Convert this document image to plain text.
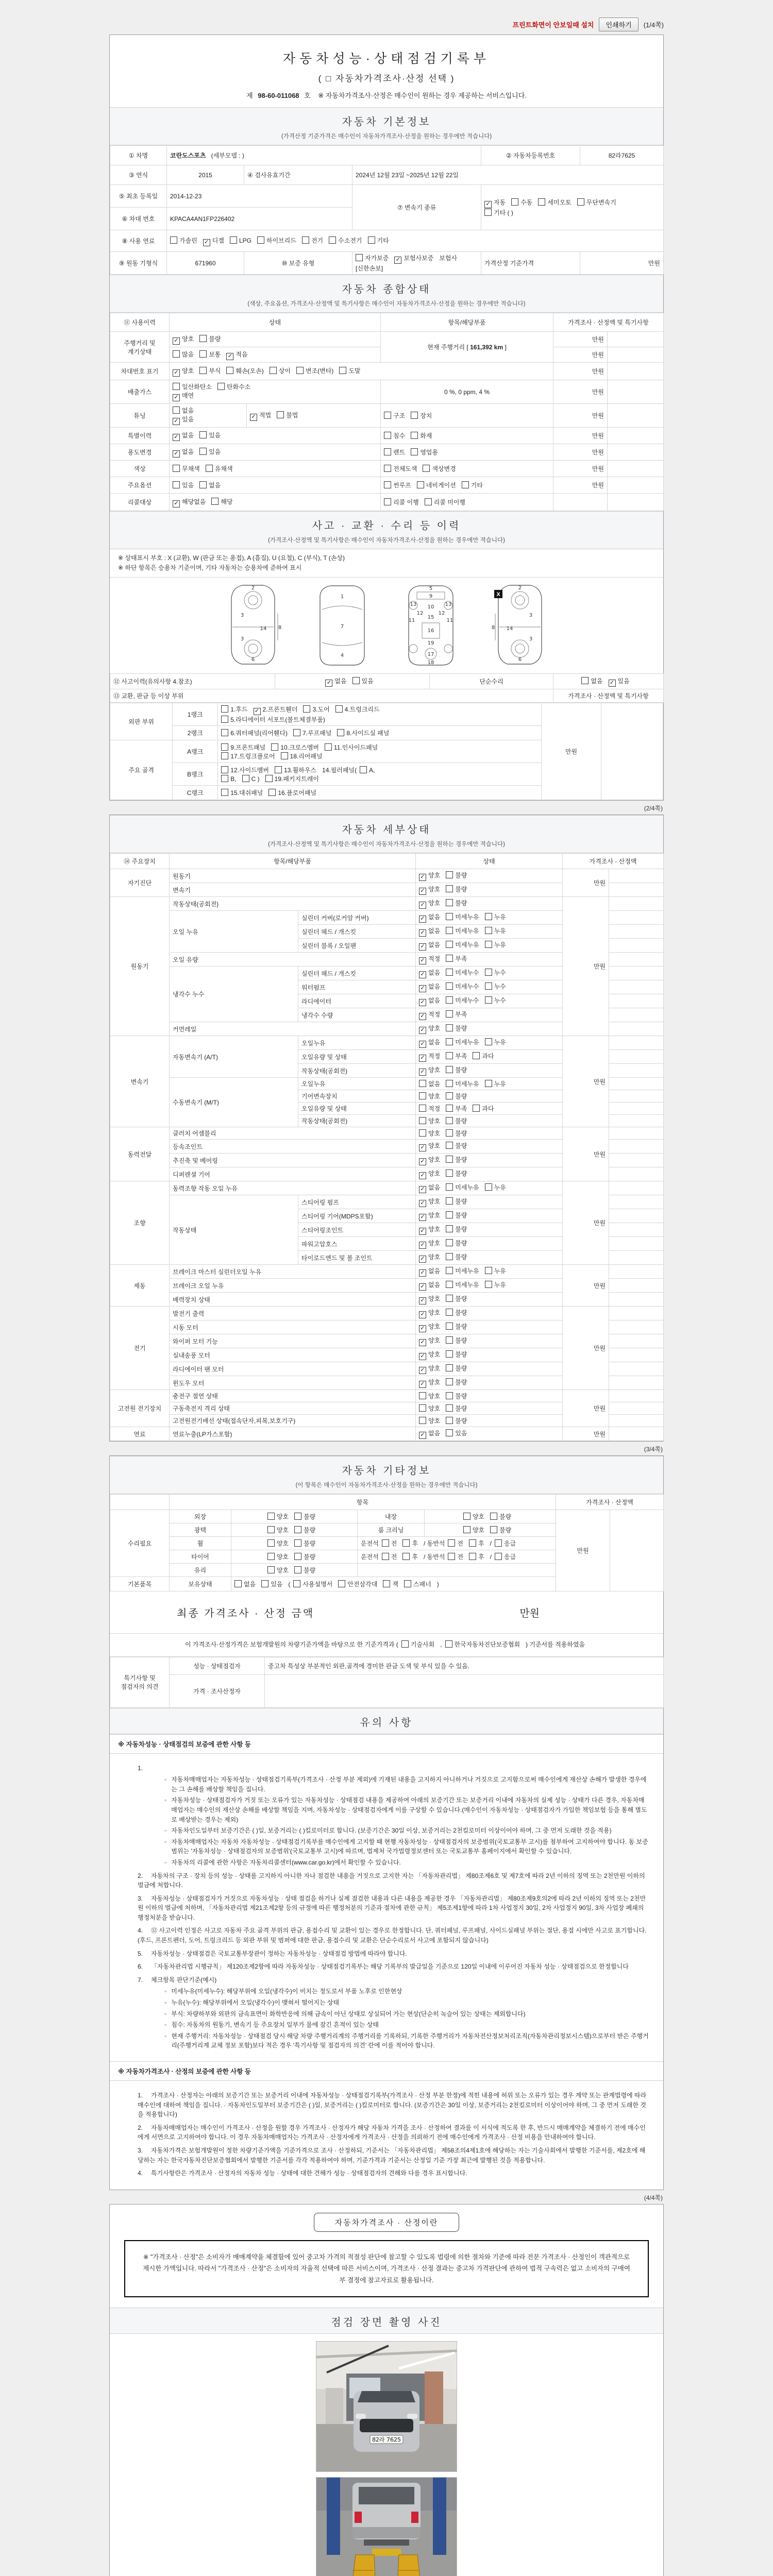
프린트화면이 안보일때 설치	인쇄하기	(1/4쪽)
자동차성능·상태점검기록부
( □ 자동차가격조사·산정 선택 )
제 98-60-011068 호 ※ 자동차가격조사·산정은 매수인이 원하는 경우 제공하는 서비스입니다.
자동차 기본정보
(가격산정 기준가격은 매수인이 자동차가격조사·산정을 원하는 경우에만 적습니다)
① 차명	코란도스포츠 (세부모델 : )			② 자동차등록번호	82라7625
③ 연식	2015	④ 검사유효기간	2024년 12월 23일 ~2025년 12월 22일		
⑤ 최초 등록일	2014-12-23		⑦ 변속기 종류	✓자동 수동 세미오토 무단변속기
기타 ( )
⑥ 차대 번호	KPACA4AN1FP226402				
⑧ 사용 연료	가솔린 ✓ 디젤 LPG 하이브리드 전기 수소전기 기타
⑨ 원동 기형식	671960	⑩ 보증 유형	자가보증 ✓ 보험사보증 보험사[신한손보]	가격산정 기준가격	만원
자동차 종합상태
(색상, 주요옵션, 가격조사·산정액 및 특기사항은 매수인이 자동차가격조사·산정을 원하는 경우에만 적습니다)
⑪ 사용이력	상태		항목/해당부품	가격조사 · 산정액 및 특기사항	
주행거리 및 계기상태	✓양호 불량		현재 주행거리 [ 161,392 km ]	만원	
	많음 보통 ✓ 적음			만원	
차대번호 표기	✓양호 부식 훼손(오손) 상이 변조(변타) 도말			만원	
배출가스	일산화탄소 탄화수소
✓매연		0 %, 0 ppm, 4 %	만원	
튜닝	없음
✓있음	✓적법 불법	구조 장치	만원	
특별이력	✓없음 있음		침수 화재	만원	
용도변경	✓없음 있음		렌트 영업용	만원	
색상	무채색 유채색		전체도색 색상변경	만원	
주요옵션	있음 없음		썬루프 네비게이션 기타	만원	
리콜대상	✓해당없음 해당		리콜 이행 리콜 미이행		
사고 · 교환 · 수리 등 이력
(가격조사·산정액 및 특기사항은 매수인이 자동차가격조사·산정을 원하는 경우에만 적습니다)
※ 상태표시 부호 : X (교환), W (판금 또는 용접), A (흠집), U (요철), C (부식), T (손상)
※ 하단 항목은 승용차 기준이며, 기타 자동차는 승용차에 준하여 표시
2
3
14
3
6
8
1
7
4
5
9
10
11	11
12	12
13	13
15
16
19
17
18
2
3
14
3
6
8
X
⑫ 사고이력(유의사항 4.참조)	✓없음 있음	단순수리	없음 ✓ 있음
⑬ 교환, 판금 등 이상 부위			가격조사 · 산정액 및 특기사항
외판 부위	1랭크	1.후드 ✓ 2.프론트휀더 3.도어 4.트렁크리드
5.라디에이터 서포트(볼트체결부품)	만원	
	2랭크	6.쿼터패널(리어휀다) 7.루프패널 8.사이드실 패널		
주요 골격	A랭크	9.프론트패널 10.크로스멤버 11.인사이드패널
17.트렁크플로어 18.리어패널		
	B랭크	12.사이드멤버 13.휠하우스 14.필러패널( A,
B, C ) 19.패키지트레이		
	C랭크	15.대쉬패널 16.플로어패널		
(2/4쪽)
자동차 세부상태
(가격조사·산정액 및 특기사항은 매수인이 자동차가격조사·산정을 원하는 경우에만 적습니다)
⑭ 주요장치	항목/해당부품		상태	가격조사 · 산정액	
자기진단	원동기	✓양호 불량	만원	
	변속기	✓양호 불량	
원동기	작동상태(공회전)	✓양호 불량	만원	
	오일 누유	실린더 커버(로커암 커버)	✓없음 미세누유 누유	
		실린더 헤드 / 개스킷	✓없음 미세누유 누유	
		실린더 블록 / 오일팬	✓없음 미세누유 누유	
	오일 유량	✓적정 부족	
	냉각수 누수	실린더 헤드 / 개스킷	✓없음 미세누수 누수	
		워터펌프	✓없음 미세누수 누수	
		라디에이터	✓없음 미세누수 누수	
		냉각수 수량	✓적정 부족	
	커먼레일	✓양호 불량	
변속기	자동변속기 (A/T)	오일누유	✓없음 미세누유 누유	만원	
		오일유량 및 상태	✓적정 부족 과다	
		작동상태(공회전)	✓양호 불량	
	수동변속기 (M/T)	오일누유	없음 미세누유 누유		
		기어변속장치	양호 불량		
		오일유량 및 상태	적정 부족 과다		
		작동상태(공회전)	양호 불량		
동력전달	클러치 어셈블리		양호 불량	만원	
	등속조인트	✓양호 불량	
	추진축 및 베어링	✓양호 불량	
	디퍼렌셜 기어	✓양호 불량	
조향	동력조향 작동 오일 누유	✓없음 미세누유 누유	만원	
	작동상태	스티어링 펌프	✓양호 불량	
		스티어링 기어(MDPS포함)	✓양호 불량	
		스티어링조인트	✓양호 불량	
		파워고압호스	✓양호 불량	
		타이로드엔드 및 볼 조인트	✓양호 불량	
제동	브레이크 마스터 실린더오일 누유	✓없음 미세누유 누유	만원	
	브레이크 오일 누유	✓없음 미세누유 누유	
	배력장치 상태	✓양호 불량	
전기	발전기 출력	✓양호 불량	만원	
	시동 모터	✓양호 불량	
	와이퍼 모터 기능	✓양호 불량	
	실내송풍 모터	✓양호 불량	
	라디에이터 팬 모터	✓양호 불량	
	윈도우 모터	✓양호 불량	
고전원 전기장치	충전구 절연 상태		양호 불량	만원	
	구동축전지 격리 상태		양호 불량		
	고전원전기배선 상태(접속단자,피복,보호기구)		양호 불량		
연료	연료누출(LP가스포함)	✓없음 있음	만원	
(3/4쪽)
자동차 기타정보
(이 항목은 매수인이 자동차가격조사·산정을 원하는 경우에만 적습니다)
	항목				가격조사 · 산정액	
수리필요	외장	양호 불량	내장	양호 불량	만원	
	광택	양호 불량	룸 크리닝	양호 불량		
	휠	양호 불량	운전석 전 후 / 동반석 전 후 / 응급			
	타이어	양호 불량	운전석 전 후 / 동반석 전 후 / 응급			
	유리	양호 불량				
기본품목	보유상태	없음 있음 ( 사용설명서 안전삼각대 잭 스패너 )				
최종 가격조사 · 산정 금액	만원
이 가격조사·산정가격은 보험개발원의 차량기준가액을 바탕으로 한 기준가격과 ( 기술사회 , 한국자동차진단보증협회 ) 기준서를 적용하였음
특기사항 및 점검자의 의견	성능 · 상태점검자	중고차 특성상 부분적인 외판,골격에 경미한 판금 도색 및 부식 있을 수 있음.
	가격 · 조사산정자	
유의 사항
※ 자동차성능 · 상태점검의 보증에 관한 사항 등
1.
◦ 자동차매매업자는 자동차성능 · 상태점검기록부(가격조사 · 산정 부분 제외)에 기재된 내용을 고지하지 아니하거나 거짓으로 고지함으로써 매수인에게 재산상 손해가 발생한 경우에는 그 손해를 배상할 책임을 집니다.
◦ 자동차성능 · 상태점검자가 거짓 또는 오류가 있는 자동차성능 · 상태점검 내용을 제공하여 아래의 보증기간 또는 보증거리 이내에 자동차의 실제 성능 · 상태가 다른 경우, 자동차매매업자는 매수인의 재산상 손해를 배상할 책임을 지며, 자동차성능 · 상태점검자에게 이를 구상할 수 있습니다.(매수인이 자동차성능 · 상태점검자가 가입한 책임보험 등을 통해 별도로 배상받는 경우는 제외)
◦ 자동차인도일부터 보증기간은 ( )일, 보증거리는 ( )킬로미터로 합니다. (보증기간은 30일 이상, 보증거리는 2천킬로미터 이상이어야 하며, 그 중 먼저 도래한 것을 적용)
◦ 자동차매매업자는 자동차 자동차성능 · 상태점검기록부를 매수인에게 고지할 때 현행 자동차성능 · 상태점검자의 보증범위(국토교통부 고시)를 첨부하여 고지하여야 합니다. 동 보증범위는 '자동차성능 · 상태점검자의 보증범위'(국토교통부 고시)에 따르며, 법제처 국가법령정보센터 또는 국토교통부 홈페이지에서 확인할 수 있습니다.
◦ 자동차의 리콜에 관한 사항은 자동차리콜센터(www.car.go.kr)에서 확인할 수 있습니다.
2. 자동차의 구조 · 장치 등의 성능 · 상태를 고지하지 아니한 자나 점검한 내용을 거짓으로 고지한 자는 「자동차관리법」 제80조제6호 및 제7호에 따라 2년 이하의 징역 또는 2천만원 이하의 벌금에 처합니다.
3. 자동차성능 · 상태점검자가 거짓으로 자동차성능 · 상태 점검을 하거나 실제 점검한 내용과 다른 내용을 제공한 경우 「자동차관리법」 제80조제9호의2에 따라 2년 이하의 징역 또는 2천만원 이하의 벌금에 처하며, 「자동차관리법 제21조제2항 등의 규정에 따른 행정처분의 기준과 절차에 관한 규칙」 제5조제1항에 따라 1차 사업정지 30일, 2차 사업정지 90일, 3차 사업장 폐쇄의 행정처분을 받습니다.
4. ⑫ 사고이력 인정은 사고로 자동차 주요 골격 부위의 판금, 용접수리 및 교환이 있는 경우로 한정합니다. 단, 쿼터패널, 루프패널, 사이드실패널 부위는 절단, 용접 시에만 사고로 표기합니다. (후드, 프론트펜더, 도어, 트렁크리드 등 외판 부위 및 범퍼에 대한 판금, 용접수리 및 교환은 단순수리로서 사고에 포함되지 않습니다)
5. 자동차성능 · 상태점검은 국토교통부장관이 정하는 자동차성능 · 상태점검 방법에 따라야 합니다.
6. 「자동차관리법 시행규칙」 제120조제2항에 따라 자동차성능 · 상태점검기록부는 해당 기록부의 발급일을 기준으로 120일 이내에 이루어진 자동차 성능 · 상태점검으로 한정합니다
7. 체크항목 판단기준(예시)
◦ 미세누유(미세누수): 해당부위에 오일(냉각수)이 비치는 정도로서 부품 노후로 인한현상
◦ 누유(누수): 해당부위에서 오일(냉각수)이 맺혀서 떨어지는 상태
◦ 부식: 차량하부와 외판의 금속표면이 화학반응에 의해 금속이 아닌 상태로 상실되어 가는 현상(단순히 녹슬어 있는 상태는 제외합니다)
◦ 침수: 자동차의 원동기, 변속기 등 주요장치 일부가 물에 잠긴 흔적이 있는 상태
◦ 현재 주행거리: 자동차성능 · 상태점검 당시 해당 차량 주행거리계의 주행거리를 기록하되, 기록한 주행거리가 자동차전산정보처리조직(자동차관리정보시스템)으로부터 받은 주행거리(주행거리계 교체 정보 포함)보다 적은 경우 '특기사항 및 점검자의 의견' 란에 이를 적어야 합니다.
※ 자동차가격조사 · 산정의 보증에 관한 사항 등
1. 가격조사 · 산정자는 아래의 보증기간 또는 보증거리 이내에 자동차성능 · 상태점검기록부(가격조사 · 산정 부분 한정)에 적힌 내용에 허위 또는 오류가 있는 경우 계약 또는 관계법령에 따라 매수인에 대하여 책임을 집니다. · 자동차인도일부터 보증기간은 ( )일, 보증거리는 ( )킬로미터로 합니다. (보증기간은 30일 이상, 보증거리는 2천킬로미터 이상이어야 하며, 그 중 먼저 도래한 것을 적용합니다)
2. 자동차매매업자는 매수인이 가격조사 · 산정을 원할 경우 가격조사 · 산정자가 해당 자동차 가격을 조사 · 산정하여 결과를 이 서식에 적도록 한 후, 반드시 매매계약을 체결하기 전에 매수인에게 서면으로 고지하여야 합니다. 이 경우 자동차매매업자는 가격조사 · 산정자에게 가격조사 · 산정을 의뢰하기 전에 매수인에게 가격조사 · 산정 비용을 안내하여야 합니다.
3. 자동차가격은 보험개발원이 정한 차량기준가액을 기준가격으로 조사 · 산정하되, 기준서는 「자동차관리법」 제58조의4제1호에 해당하는 자는 기술사회에서 발행한 기준서를, 제2호에 해당하는 자는 한국자동차진단보증협회에서 발행한 기준서를 각각 적용하여야 하며, 기준가격과 기준서는 산정일 기준 가장 최근에 발행된 것을 적용합니다.
4. 특기사항란은 가격조사 · 산정자의 자동차 성능 · 상태에 대한 견해가 성능 · 상태점검자의 견해와 다를 경우 표시합니다.
(4/4쪽)
자동차가격조사 · 산정이란
※ "가격조사 · 산정"은 소비자가 매매계약을 체결함에 있어 중고차 가격의 적절성 판단에 참고할 수 있도록 법령에 의한 절차와 기준에 따라 전문 가격조사 · 산정인이 객관적으로 제시한 가액입니다. 따라서 "가격조사 · 산정"은 소비자의 자율적 선택에 따른 서비스이며, 가격조사 · 산정 결과는 중고차 가격판단에 관하여 법적 구속력은 없고 소비자의 구매여부 결정에 참고자료로 활용됩니다.
점검 장면 촬영 사진
82라 7625
